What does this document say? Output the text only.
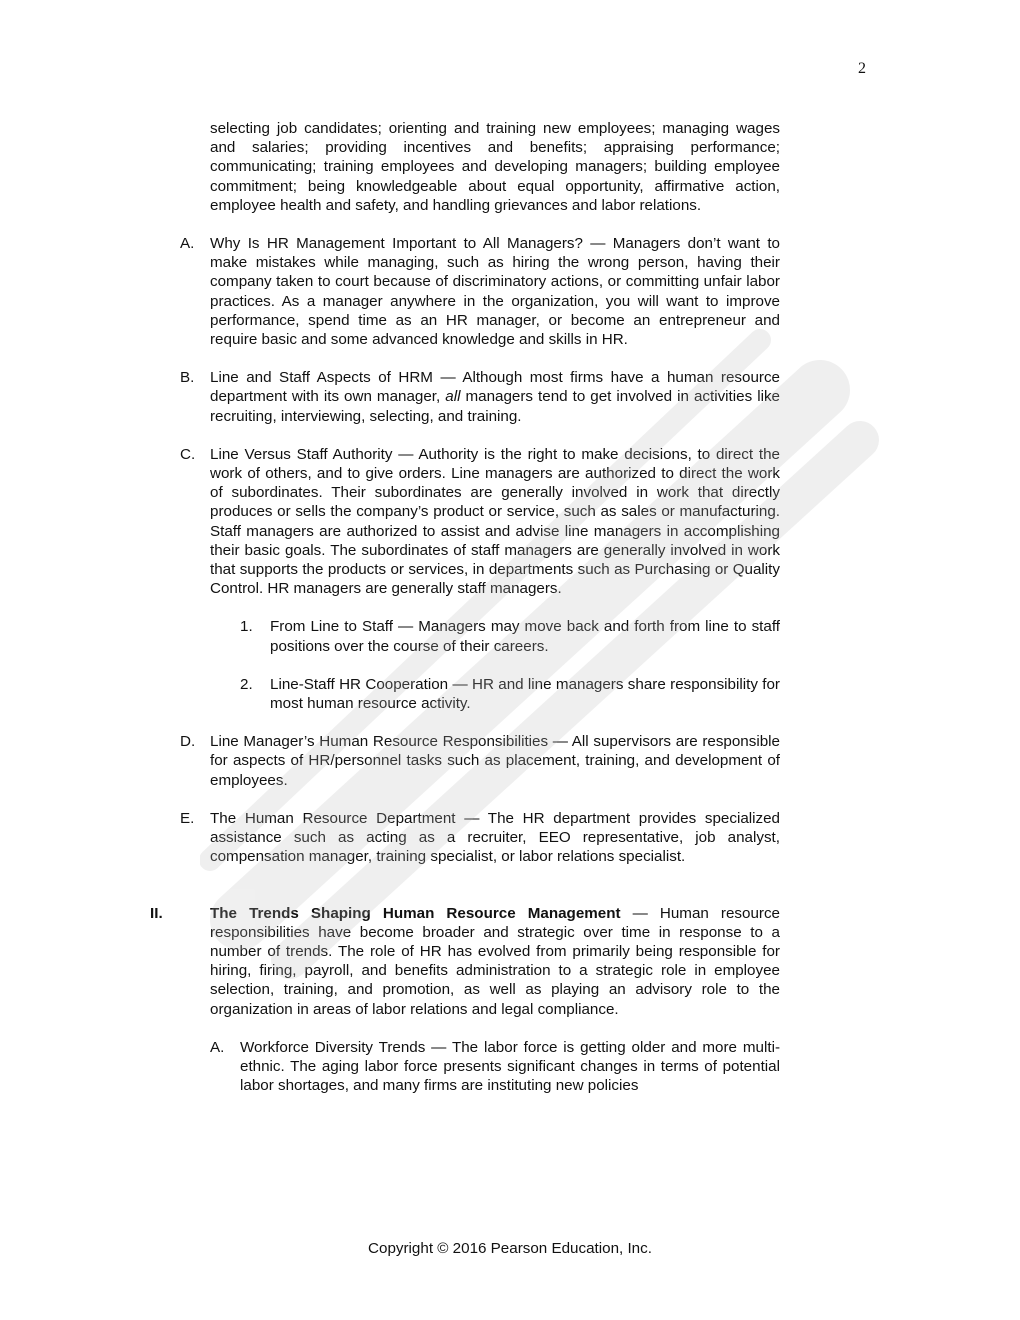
2

selecting job candidates; orienting and training new employees; managing wages and salaries; providing incentives and benefits; appraising performance; communicating; training employees and developing managers; building employee commitment; being knowledgeable about equal opportunity, affirmative action, employee health and safety, and handling grievances and labor relations.

A.	Why Is HR Management Important to All Managers? — Managers don’t want to make mistakes while managing, such as hiring the wrong person, having their company taken to court because of discriminatory actions, or committing unfair labor practices. As a manager anywhere in the organization, you will want to improve performance, spend time as an HR manager, or become an entrepreneur and require basic and some advanced knowledge and skills in HR.
B.	Line and Staff Aspects of HRM — Although most firms have a human resource department with its own manager, all managers tend to get involved in activities like recruiting, interviewing, selecting, and training.
C. Line Versus Staff Authority — Authority is the right to make decisions, to direct the work of others, and to give orders. Line managers are authorized to direct the work of subordinates. Their subordinates are generally involved in work that directly produces or sells the company’s product or service, such as sales or manufacturing. Staff managers are authorized to assist and advise line managers in accomplishing their basic goals. The subordinates of staff managers are generally involved in work that supports the products or services, in departments such as Purchasing or Quality Control. HR managers are generally staff managers.
1.	From Line to Staff — Managers may move back and forth from line to staff positions over the course of their careers.
2.	Line-Staff HR Cooperation — HR and line managers share responsibility for most human resource activity.
D. Line Manager’s Human Resource Responsibilities — All supervisors are responsible for aspects of HR/personnel tasks such as placement, training, and development of employees.
E.	The Human Resource Department — The HR department provides specialized assistance such as acting as a recruiter, EEO representative, job analyst, compensation manager, training specialist, or labor relations specialist.
II.	The Trends Shaping Human Resource Management — Human resource responsibilities have become broader and strategic over time in response to a number of trends. The role of HR has evolved from primarily being responsible for hiring, firing, payroll, and benefits administration to a strategic role in employee selection, training, and promotion, as well as playing an advisory role to the organization in areas of labor relations and legal compliance.
A.	Workforce Diversity Trends — The labor force is getting older and more multi-ethnic. The aging labor force presents significant changes in terms of potential labor shortages, and many firms are instituting new policies
Copyright © 2016 Pearson Education, Inc.
